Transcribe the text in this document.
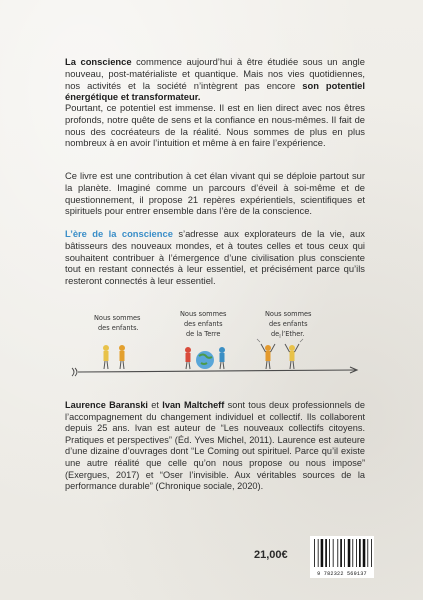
La conscience commence aujourd’hui à être étudiée sous un angle nouveau, post-matérialiste et quantique. Mais nos vies quotidiennes, nos activités et la société n’intègrent pas encore son potentiel énergétique et transformateur.
Pourtant, ce potentiel est immense. Il est en lien direct avec nos êtres profonds, notre quête de sens et la confiance en nous-mêmes. Il fait de nous des cocréateurs de la réalité. Nous sommes de plus en plus nombreux à en avoir l’intuition et même à en faire l’expérience.
Ce livre est une contribution à cet élan vivant qui se déploie partout sur la planète. Imaginé comme un parcours d’éveil à soi-même et de questionnement, il propose 21 repères expérientiels, scientifiques et spirituels pour entrer ensemble dans l’ère de la conscience.
L’ère de la conscience s’adresse aux explorateurs de la vie, aux bâtisseurs des nouveaux mondes, et à toutes celles et tous ceux qui souhaitent contribuer à l’émergence d’une civilisation plus consciente tout en restant connectés à leur essentiel, et précisément parce qu’ils resteront connectés à leur essentiel.
Nous sommes
des enfants.
Nous sommes
des enfants
de la Terre
Nous sommes
des enfants
de l’Ether.
Laurence Baranski et Ivan Maltcheff sont tous deux professionnels de l’accompagnement du changement individuel et collectif. Ils collaborent depuis 25 ans. Ivan est auteur de “Les nouveaux collectifs citoyens. Pratiques et perspectives” (Éd. Yves Michel, 2011). Laurence est auteure d’une dizaine d’ouvrages dont “Le Coming out spirituel. Parce qu’il existe une autre réalité que celle qu’on nous propose ou nous impose” (Exergues, 2017) et “Oser l’invisible. Aux véritables sources de la performance durable” (Chronique sociale, 2020).
21,00€
9 782322 569137
